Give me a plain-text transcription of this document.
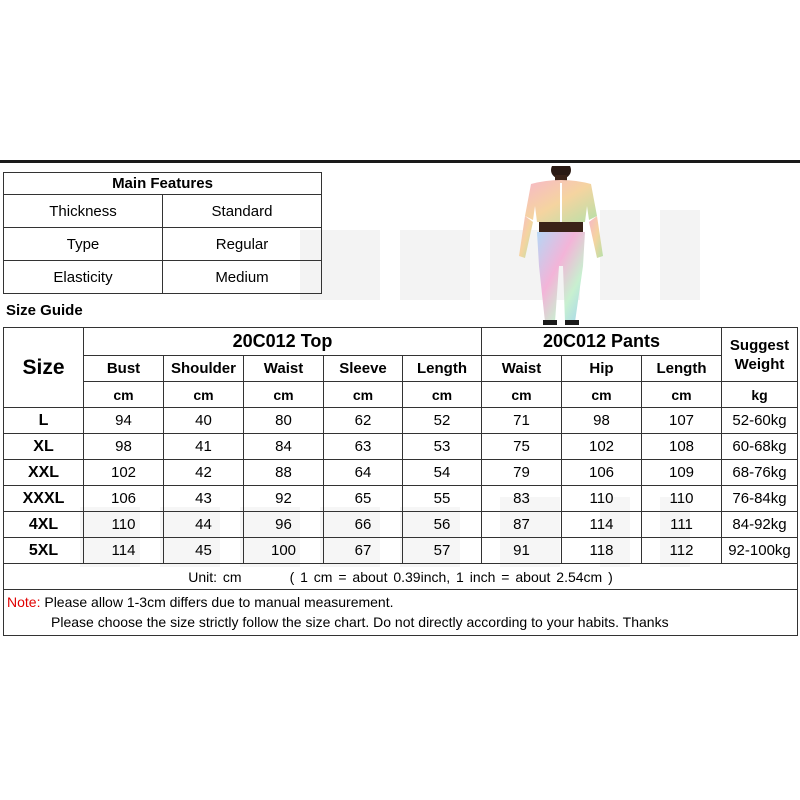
Main Features	
Thickness	Standard
Type	Regular
Elasticity	Medium
Size Guide
Size	20C012 Top					20C012 Pants			Suggest
Weight
	Bust	Shoulder	Waist	Sleeve	Length	Waist	Hip	Length	
	cm	cm	cm	cm	cm	cm	cm	cm	kg
L	94	40	80	62	52	71	98	107	52-60kg
XL	98	41	84	63	53	75	102	108	60-68kg
XXL	102	42	88	64	54	79	106	109	68-76kg
XXXL	106	43	92	65	55	83	110	110	76-84kg
4XL	110	44	96	66	56	87	114	111	84-92kg
5XL	114	45	100	67	57	91	118	112	92-100kg
Unit: cm ( 1 cm = about 0.39inch, 1 inch = about 2.54cm )									
Note: Please allow 1-3cm differs due to manual measurement.
Please choose the size strictly follow the size chart. Do not directly according to your habits. Thanks									
